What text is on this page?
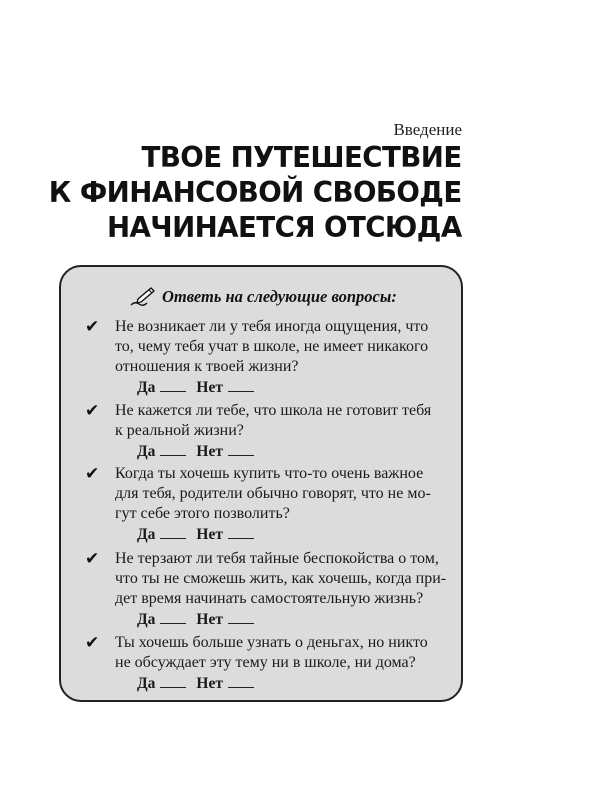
Введение
ТВОЕ ПУТЕШЕСТВИЕ
К ФИНАНСОВОЙ СВОБОДЕ
НАЧИНАЕТСЯ ОТСЮДА
Ответь на следующие вопросы:
✔ Не возникает ли у тебя иногда ощущения, что
то, чему тебя учат в школе, не имеет никакого
отношения к твоей жизни?
Да	Нет
✔ Не кажется ли тебе, что школа не готовит тебя
к реальной жизни?
Да	Нет
✔ Когда ты хочешь купить что-то очень важное
для тебя, родители обычно говорят, что не мо-
гут себе этого позволить?
Да	Нет
✔ Не терзают ли тебя тайные беспокойства о том,
что ты не сможешь жить, как хочешь, когда при-
дет время начинать самостоятельную жизнь?
Да	Нет
✔ Ты хочешь больше узнать о деньгах, но никто
не обсуждает эту тему ни в школе, ни дома?
Да	Нет
